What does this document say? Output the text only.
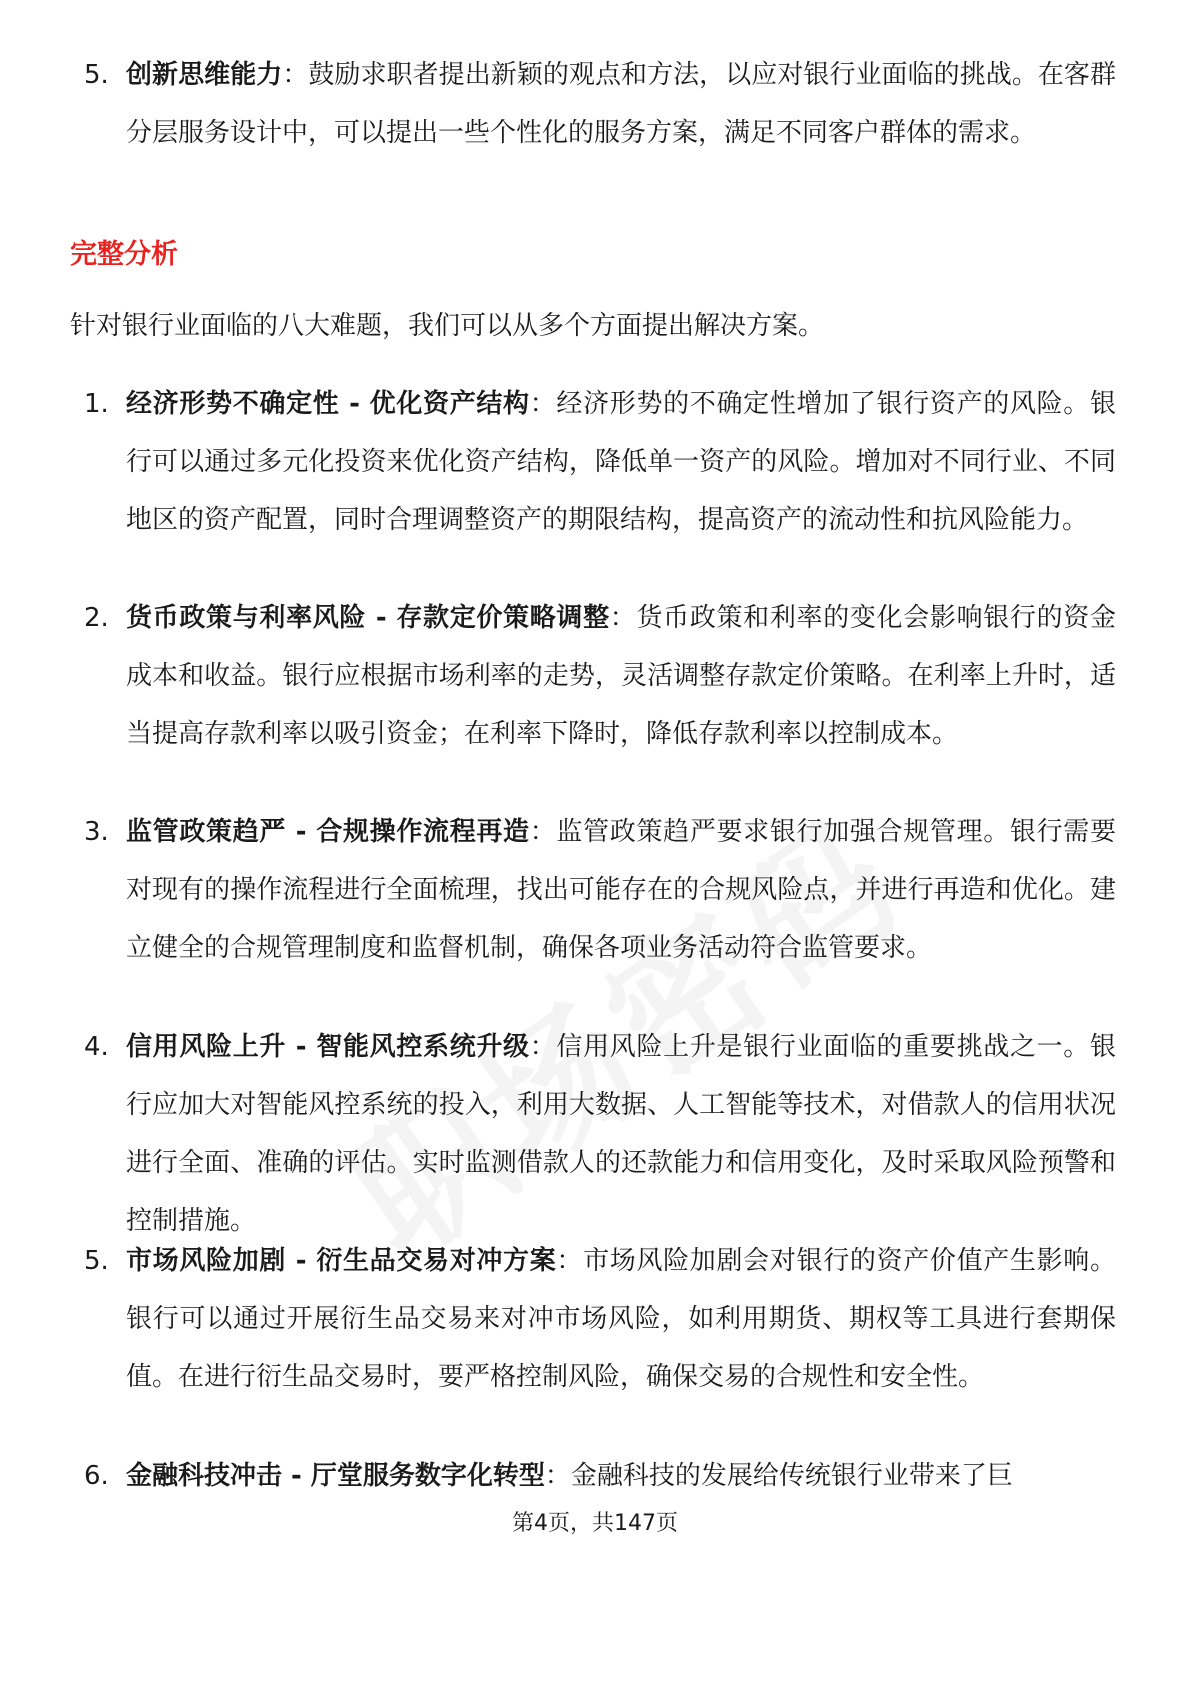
5. 创新思维能力：鼓励求职者提出新颖的观点和方法，以应对银行业面临的挑战。在客群分层服务设计中，可以提出一些个性化的服务方案，满足不同客户群体的需求。
完整分析
针对银行业面临的八大难题，我们可以从多个方面提出解决方案。
1. 经济形势不确定性 - 优化资产结构：经济形势的不确定性增加了银行资产的风险。银行可以通过多元化投资来优化资产结构，降低单一资产的风险。增加对不同行业、不同地区的资产配置，同时合理调整资产的期限结构，提高资产的流动性和抗风险能力。
2. 货币政策与利率风险 - 存款定价策略调整：货币政策和利率的变化会影响银行的资金成本和收益。银行应根据市场利率的走势，灵活调整存款定价策略。在利率上升时，适当提高存款利率以吸引资金；在利率下降时，降低存款利率以控制成本。
3. 监管政策趋严 - 合规操作流程再造：监管政策趋严要求银行加强合规管理。银行需要对现有的操作流程进行全面梳理，找出可能存在的合规风险点，并进行再造和优化。建立健全的合规管理制度和监督机制，确保各项业务活动符合监管要求。
4. 信用风险上升 - 智能风控系统升级：信用风险上升是银行业面临的重要挑战之一。银行应加大对智能风控系统的投入，利用大数据、人工智能等技术，对借款人的信用状况进行全面、准确的评估。实时监测借款人的还款能力和信用变化，及时采取风险预警和控制措施。
5. 市场风险加剧 - 衍生品交易对冲方案：市场风险加剧会对银行的资产价值产生影响。银行可以通过开展衍生品交易来对冲市场风险，如利用期货、期权等工具进行套期保值。在进行衍生品交易时，要严格控制风险，确保交易的合规性和安全性。
6. 金融科技冲击 - 厅堂服务数字化转型：金融科技的发展给传统银行业带来了巨
第4页，共147页
